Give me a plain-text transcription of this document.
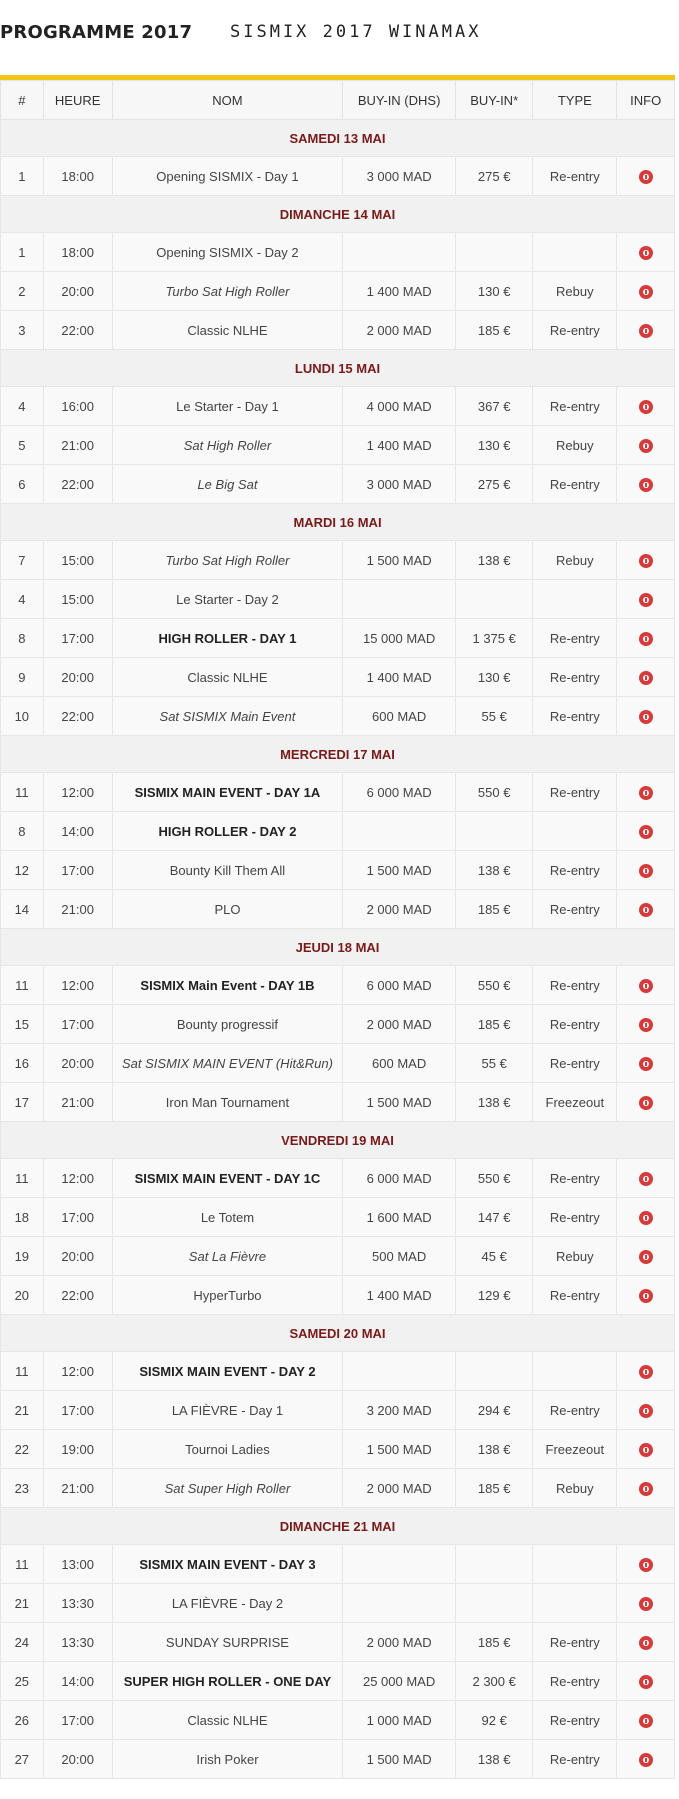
PROGRAMME 2017 SISMIX 2017 WINAMAX
#	HEURE	NOM	BUY-IN (DHS)	BUY-IN*	TYPE	INFO
SAMEDI 13 MAI						
1	18:00	Opening SISMIX - Day 1	3 000 MAD	275 €	Re-entry	
DIMANCHE 14 MAI						
1	18:00	Opening SISMIX - Day 2				
2	20:00	Turbo Sat High Roller	1 400 MAD	130 €	Rebuy	
3	22:00	Classic NLHE	2 000 MAD	185 €	Re-entry	
LUNDI 15 MAI						
4	16:00	Le Starter - Day 1	4 000 MAD	367 €	Re-entry	
5	21:00	Sat High Roller	1 400 MAD	130 €	Rebuy	
6	22:00	Le Big Sat	3 000 MAD	275 €	Re-entry	
MARDI 16 MAI						
7	15:00	Turbo Sat High Roller	1 500 MAD	138 €	Rebuy	
4	15:00	Le Starter - Day 2				
8	17:00	HIGH ROLLER - DAY 1	15 000 MAD	1 375 €	Re-entry	
9	20:00	Classic NLHE	1 400 MAD	130 €	Re-entry	
10	22:00	Sat SISMIX Main Event	600 MAD	55 €	Re-entry	
MERCREDI 17 MAI						
11	12:00	SISMIX MAIN EVENT - DAY 1A	6 000 MAD	550 €	Re-entry	
8	14:00	HIGH ROLLER - DAY 2				
12	17:00	Bounty Kill Them All	1 500 MAD	138 €	Re-entry	
14	21:00	PLO	2 000 MAD	185 €	Re-entry	
JEUDI 18 MAI						
11	12:00	SISMIX Main Event - DAY 1B	6 000 MAD	550 €	Re-entry	
15	17:00	Bounty progressif	2 000 MAD	185 €	Re-entry	
16	20:00	Sat SISMIX MAIN EVENT (Hit&Run)	600 MAD	55 €	Re-entry	
17	21:00	Iron Man Tournament	1 500 MAD	138 €	Freezeout	
VENDREDI 19 MAI						
11	12:00	SISMIX MAIN EVENT - DAY 1C	6 000 MAD	550 €	Re-entry	
18	17:00	Le Totem	1 600 MAD	147 €	Re-entry	
19	20:00	Sat La Fièvre	500 MAD	45 €	Rebuy	
20	22:00	HyperTurbo	1 400 MAD	129 €	Re-entry	
SAMEDI 20 MAI						
11	12:00	SISMIX MAIN EVENT - DAY 2				
21	17:00	LA FIÈVRE - Day 1	3 200 MAD	294 €	Re-entry	
22	19:00	Tournoi Ladies	1 500 MAD	138 €	Freezeout	
23	21:00	Sat Super High Roller	2 000 MAD	185 €	Rebuy	
DIMANCHE 21 MAI						
11	13:00	SISMIX MAIN EVENT - DAY 3				
21	13:30	LA FIÈVRE - Day 2				
24	13:30	SUNDAY SURPRISE	2 000 MAD	185 €	Re-entry	
25	14:00	SUPER HIGH ROLLER - ONE DAY	25 000 MAD	2 300 €	Re-entry	
26	17:00	Classic NLHE	1 000 MAD	92 €	Re-entry	
27	20:00	Irish Poker	1 500 MAD	138 €	Re-entry	
